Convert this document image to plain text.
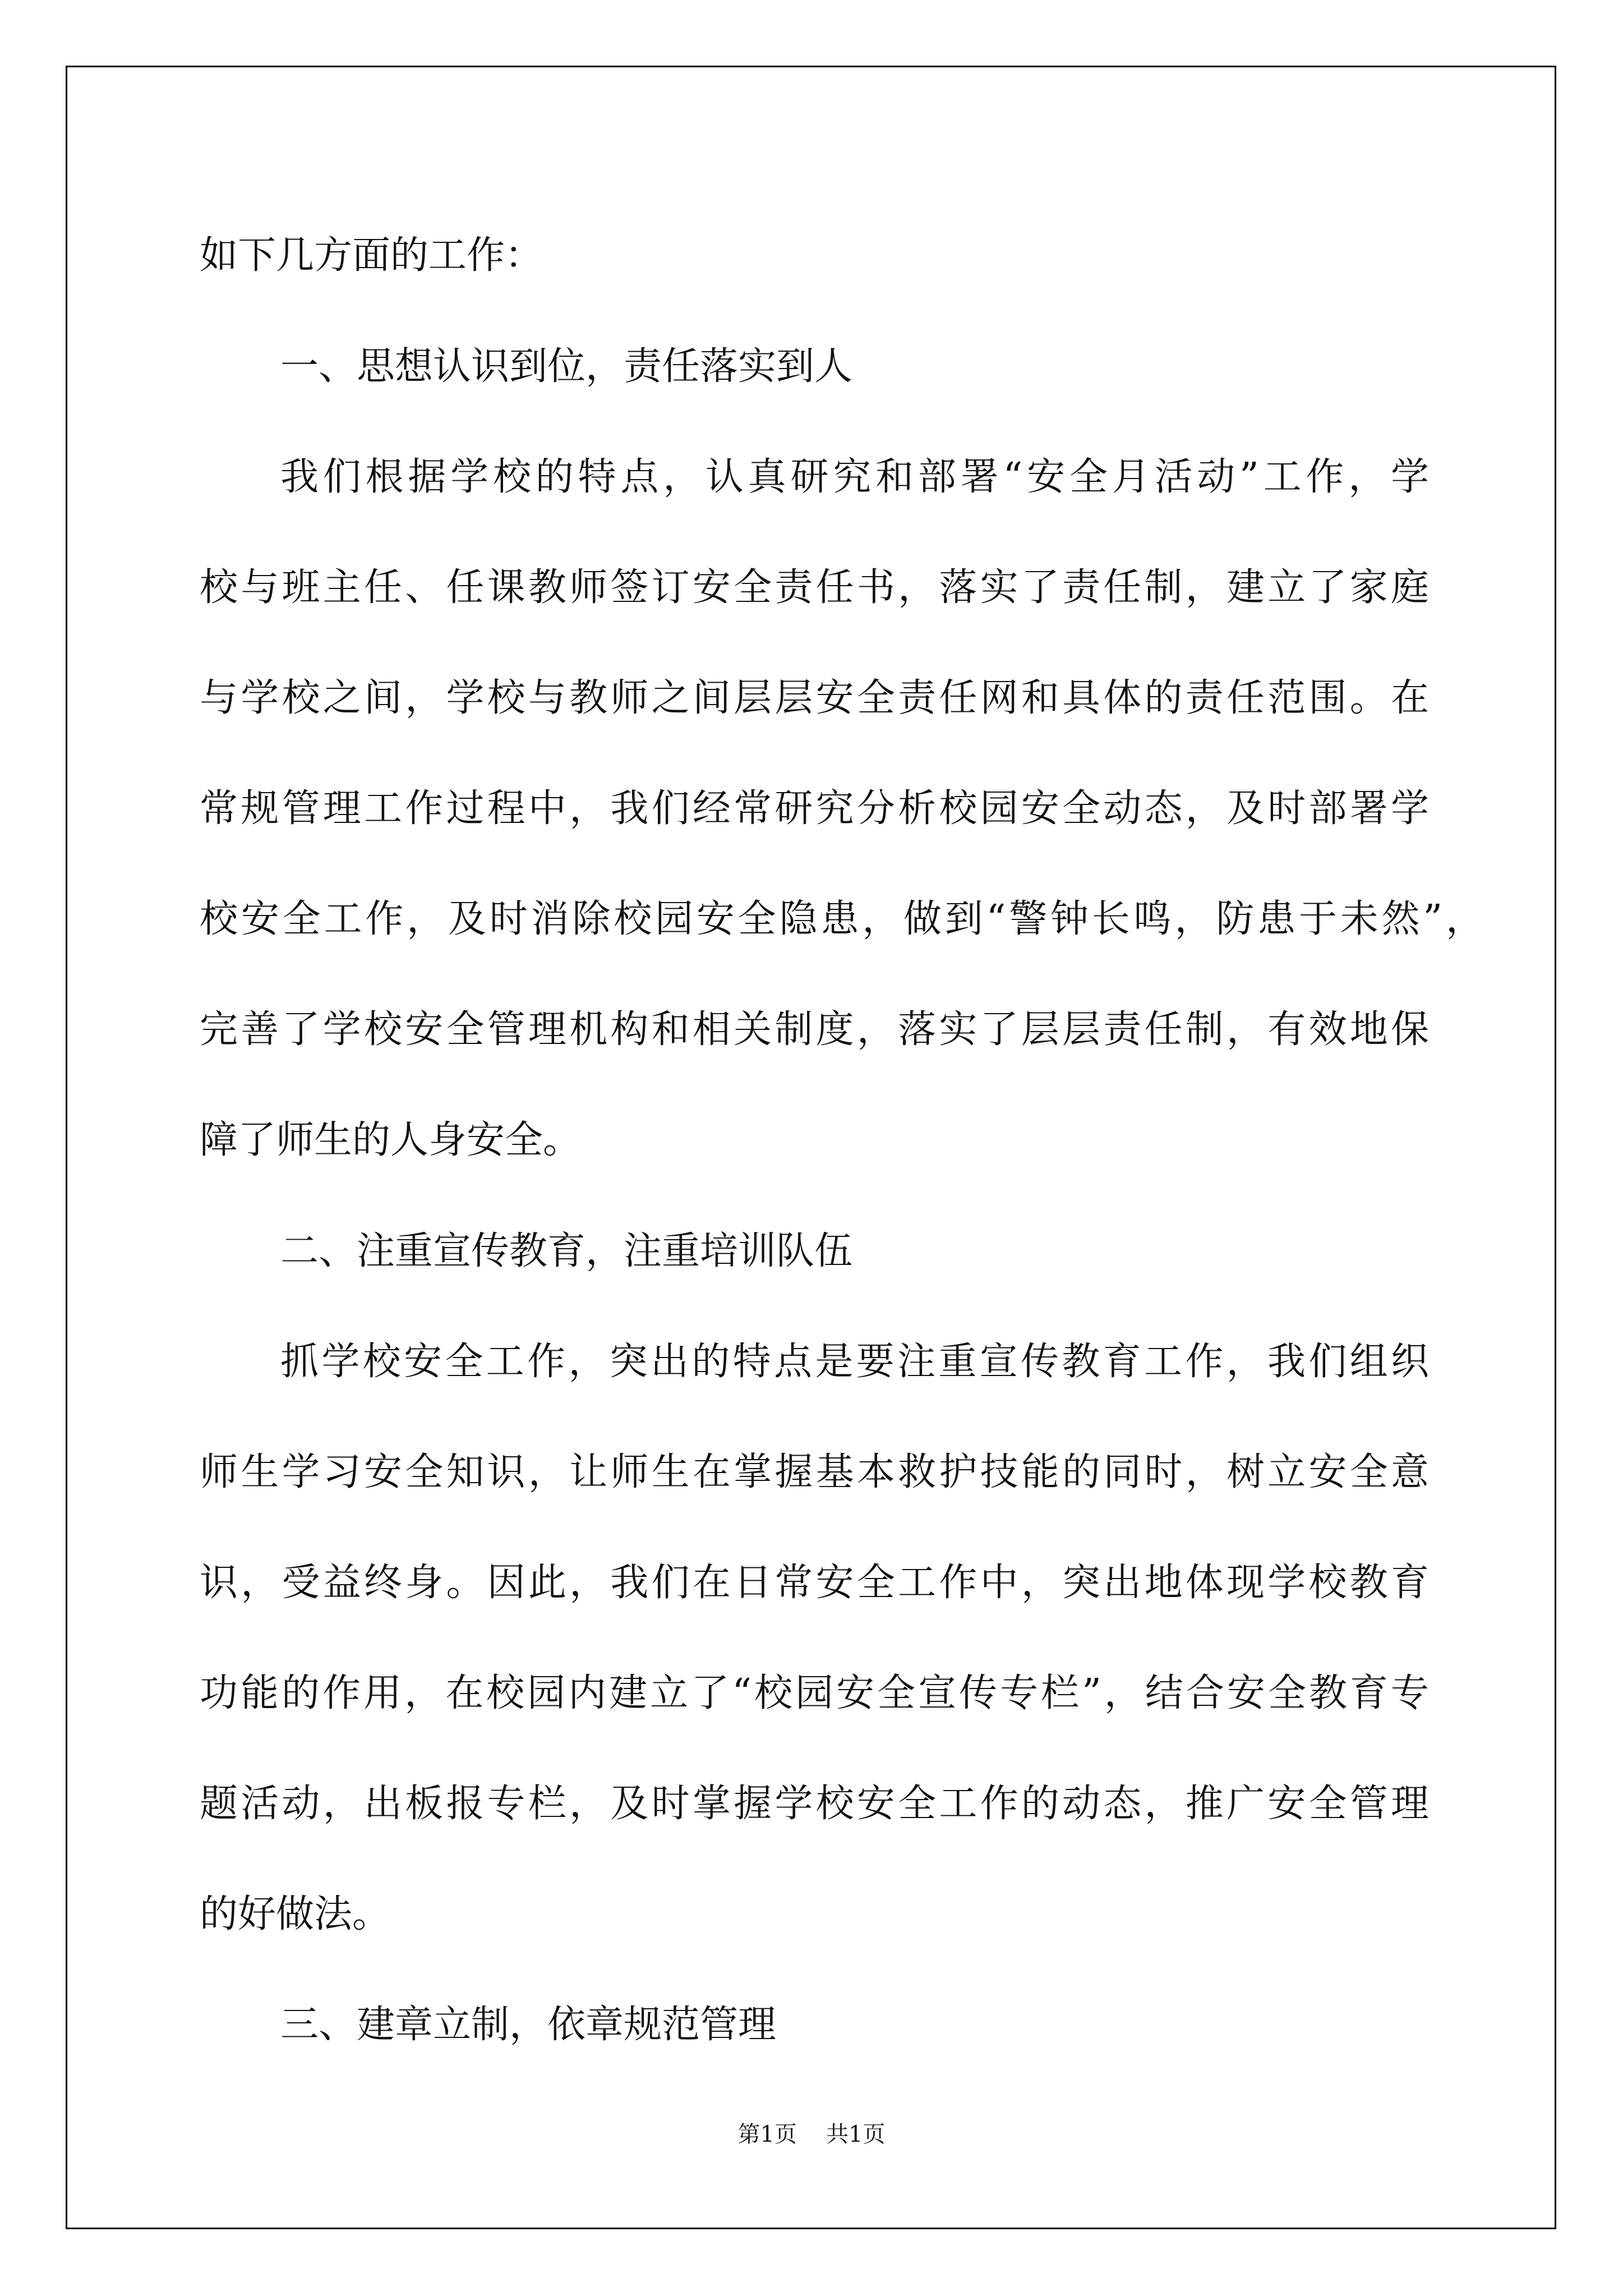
如下几方面的工作：

一、思想认识到位，责任落实到人

我们根据学校的特点，认真研究和部署“安全月活动”工作，学

校与班主任、任课教师签订安全责任书，落实了责任制，建立了家庭

与学校之间，学校与教师之间层层安全责任网和具体的责任范围。在

常规管理工作过程中，我们经常研究分析校园安全动态，及时部署学

校安全工作，及时消除校园安全隐患，做到“警钟长鸣，防患于未然”，

完善了学校安全管理机构和相关制度，落实了层层责任制，有效地保

障了师生的人身安全。

二、注重宣传教育，注重培训队伍

抓学校安全工作，突出的特点是要注重宣传教育工作，我们组织

师生学习安全知识，让师生在掌握基本救护技能的同时，树立安全意

识，受益终身。因此，我们在日常安全工作中，突出地体现学校教育

功能的作用，在校园内建立了“校园安全宣传专栏”，结合安全教育专

题活动，出板报专栏，及时掌握学校安全工作的动态，推广安全管理

的好做法。

三、建章立制，依章规范管理

第1页 共1页
